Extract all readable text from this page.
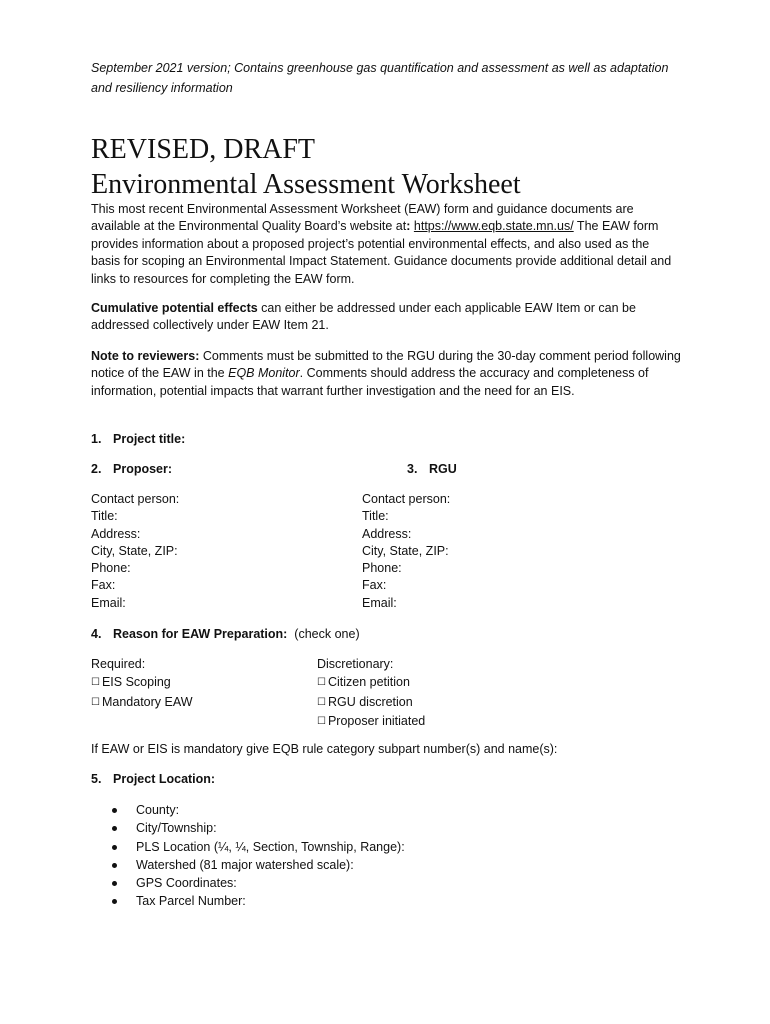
September 2021 version; Contains greenhouse gas quantification and assessment as well as adaptation and resiliency information
REVISED, DRAFT
Environmental Assessment Worksheet
This most recent Environmental Assessment Worksheet (EAW) form and guidance documents are available at the Environmental Quality Board’s website at: https://www.eqb.state.mn.us/ The EAW form provides information about a proposed project’s potential environmental effects, and also used as the basis for scoping an Environmental Impact Statement. Guidance documents provide additional detail and links to resources for completing the EAW form.
Cumulative potential effects can either be addressed under each applicable EAW Item or can be addressed collectively under EAW Item 21.
Note to reviewers: Comments must be submitted to the RGU during the 30-day comment period following notice of the EAW in the EQB Monitor. Comments should address the accuracy and completeness of information, potential impacts that warrant further investigation and the need for an EIS.
1. Project title:
2. Proposer:	3. RGU
Contact person:
Title:
Address:
City, State, ZIP:
Phone:
Fax:
Email:
Contact person:
Title:
Address:
City, State, ZIP:
Phone:
Fax:
Email:
4. Reason for EAW Preparation: (check one)
Required:
☐ EIS Scoping
☐ Mandatory EAW
Discretionary:
☐ Citizen petition
☐ RGU discretion
☐ Proposer initiated
If EAW or EIS is mandatory give EQB rule category subpart number(s) and name(s):
5. Project Location:
County:
City/Township:
PLS Location (¼, ¼, Section, Township, Range):
Watershed (81 major watershed scale):
GPS Coordinates:
Tax Parcel Number:
